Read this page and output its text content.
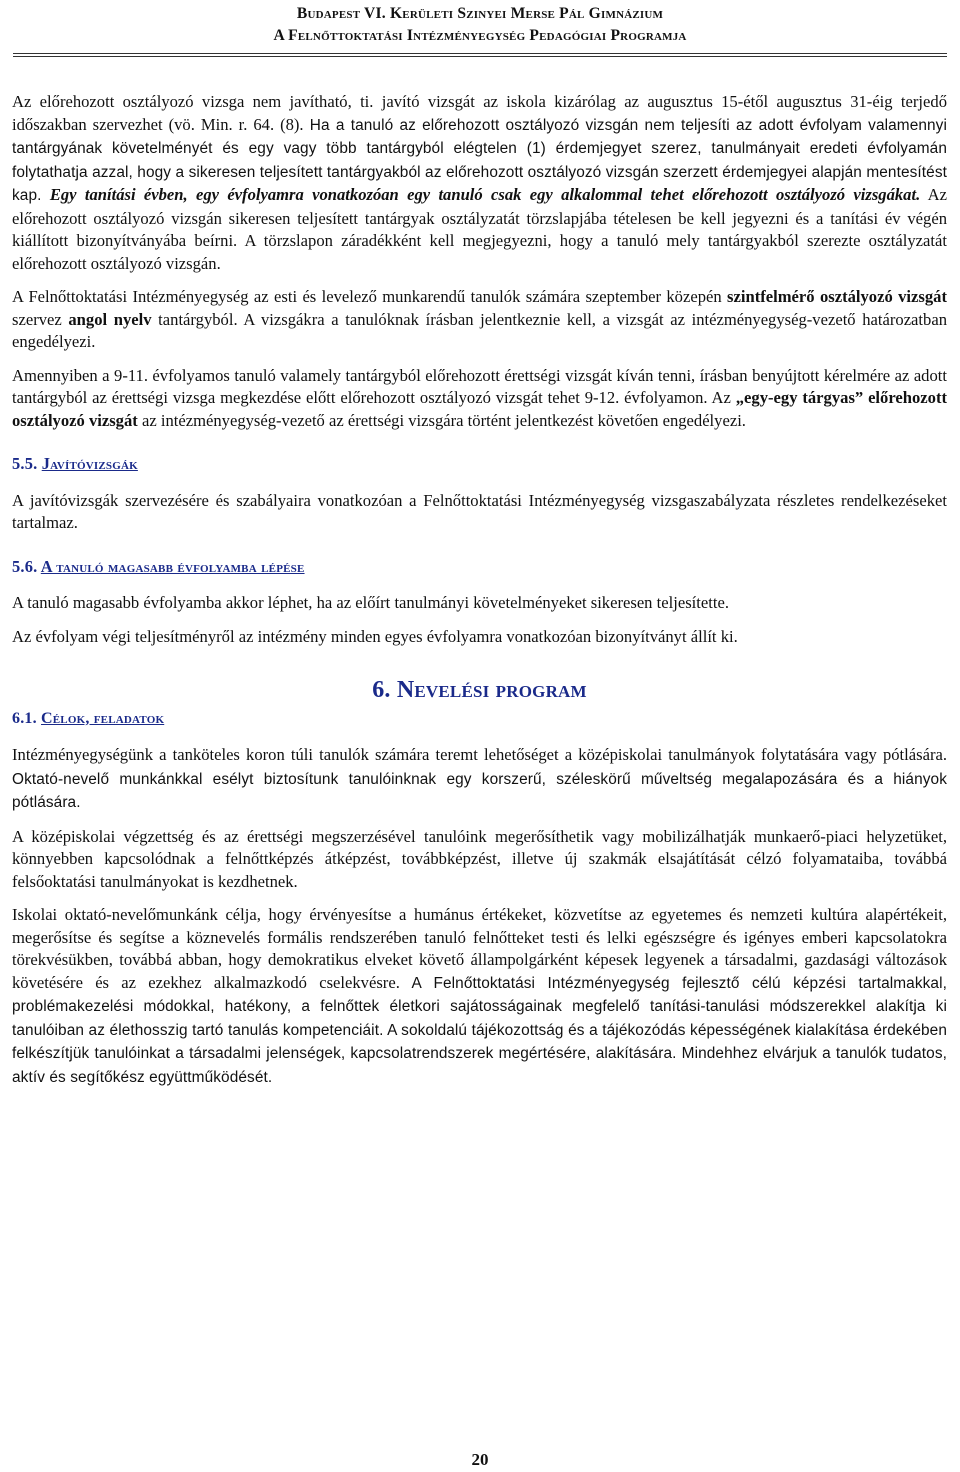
Budapest VI. Kerületi Szinyei Merse Pál Gimnázium
A Felnőttoktatási Intézményegység Pedagógiai Programja

Az előrehozott osztályozó vizsga nem javítható, ti. javító vizsgát az iskola kizárólag az augusztus 15-étől augusztus 31-éig terjedő időszakban szervezhet (vö. Min. r. 64. (8). Ha a tanuló az előrehozott osztályozó vizsgán nem teljesíti az adott évfolyam valamennyi tantárgyának követelményét és egy vagy több tantárgyból elégtelen (1) érdemjegyet szerez, tanulmányait eredeti évfolyamán folytathatja azzal, hogy a sikeresen teljesített tantárgyakból az előrehozott osztályozó vizsgán szerzett érdemjegyei alapján mentesítést kap. Egy tanítási évben, egy évfolyamra vonatkozóan egy tanuló csak egy alkalommal tehet előrehozott osztályozó vizsgákat. Az előrehozott osztályozó vizsgán sikeresen teljesített tantárgyak osztályzatát törzslapjába tételesen be kell jegyezni és a tanítási év végén kiállított bizonyítványába beírni. A törzslapon záradékként kell megjegyezni, hogy a tanuló mely tantárgyakból szerezte osztályzatát előrehozott osztályozó vizsgán.

A Felnőttoktatási Intézményegység az esti és levelező munkarendű tanulók számára szeptember közepén szintfelmérő osztályozó vizsgát szervez angol nyelv tantárgyból. A vizsgákra a tanulóknak írásban jelentkeznie kell, a vizsgát az intézményegység-vezető határozatban engedélyezi.

Amennyiben a 9-11. évfolyamos tanuló valamely tantárgyból előrehozott érettségi vizsgát kíván tenni, írásban benyújtott kérelmére az adott tantárgyból az érettségi vizsga megkezdése előtt előrehozott osztályozó vizsgát tehet 9-12. évfolyamon. Az „egy-egy tárgyas” előrehozott osztályozó vizsgát az intézményegység-vezető az érettségi vizsgára történt jelentkezést követően engedélyezi.

5.5. Javítóvizsgák

A javítóvizsgák szervezésére és szabályaira vonatkozóan a Felnőttoktatási Intézményegység vizsgaszabályzata részletes rendelkezéseket tartalmaz.

5.6. A tanuló magasabb évfolyamba lépése

A tanuló magasabb évfolyamba akkor léphet, ha az előírt tanulmányi követelményeket sikeresen teljesítette.

Az évfolyam végi teljesítményről az intézmény minden egyes évfolyamra vonatkozóan bizonyítványt állít ki.

6. Nevelési program
6.1. Célok, feladatok

Intézményegységünk a tanköteles koron túli tanulók számára teremt lehetőséget a középiskolai tanulmányok folytatására vagy pótlására. Oktató-nevelő munkánkkal esélyt biztosítunk tanulóinknak egy korszerű, széleskörű műveltség megalapozására és a hiányok pótlására.

A középiskolai végzettség és az érettségi megszerzésével tanulóink megerősíthetik vagy mobilizálhatják munkaerő-piaci helyzetüket, könnyebben kapcsolódnak a felnőttképzés átképzést, továbbképzést, illetve új szakmák elsajátítását célzó folyamataiba, továbbá felsőoktatási tanulmányokat is kezdhetnek.

Iskolai oktató-nevelőmunkánk célja, hogy érvényesítse a humánus értékeket, közvetítse az egyetemes és nemzeti kultúra alapértékeit, megerősítse és segítse a köznevelés formális rendszerében tanuló felnőtteket testi és lelki egészségre és igényes emberi kapcsolatokra törekvésükben, továbbá abban, hogy demokratikus elveket követő állampolgárként képesek legyenek a társadalmi, gazdasági változások követésére és az ezekhez alkalmazkodó cselekvésre. A Felnőttoktatási Intézményegység fejlesztő célú képzési tartalmakkal, problémakezelési módokkal, hatékony, a felnőttek életkori sajátosságainak megfelelő tanítási-tanulási módszerekkel alakítja ki tanulóiban az élethosszig tartó tanulás kompetenciáit. A sokoldalú tájékozottság és a tájékozódás képességének kialakítása érdekében felkészítjük tanulóinkat a társadalmi jelenségek, kapcsolatrendszerek megértésére, alakítására. Mindehhez elvárjuk a tanulók tudatos, aktív és segítőkész együttműködését.

20
